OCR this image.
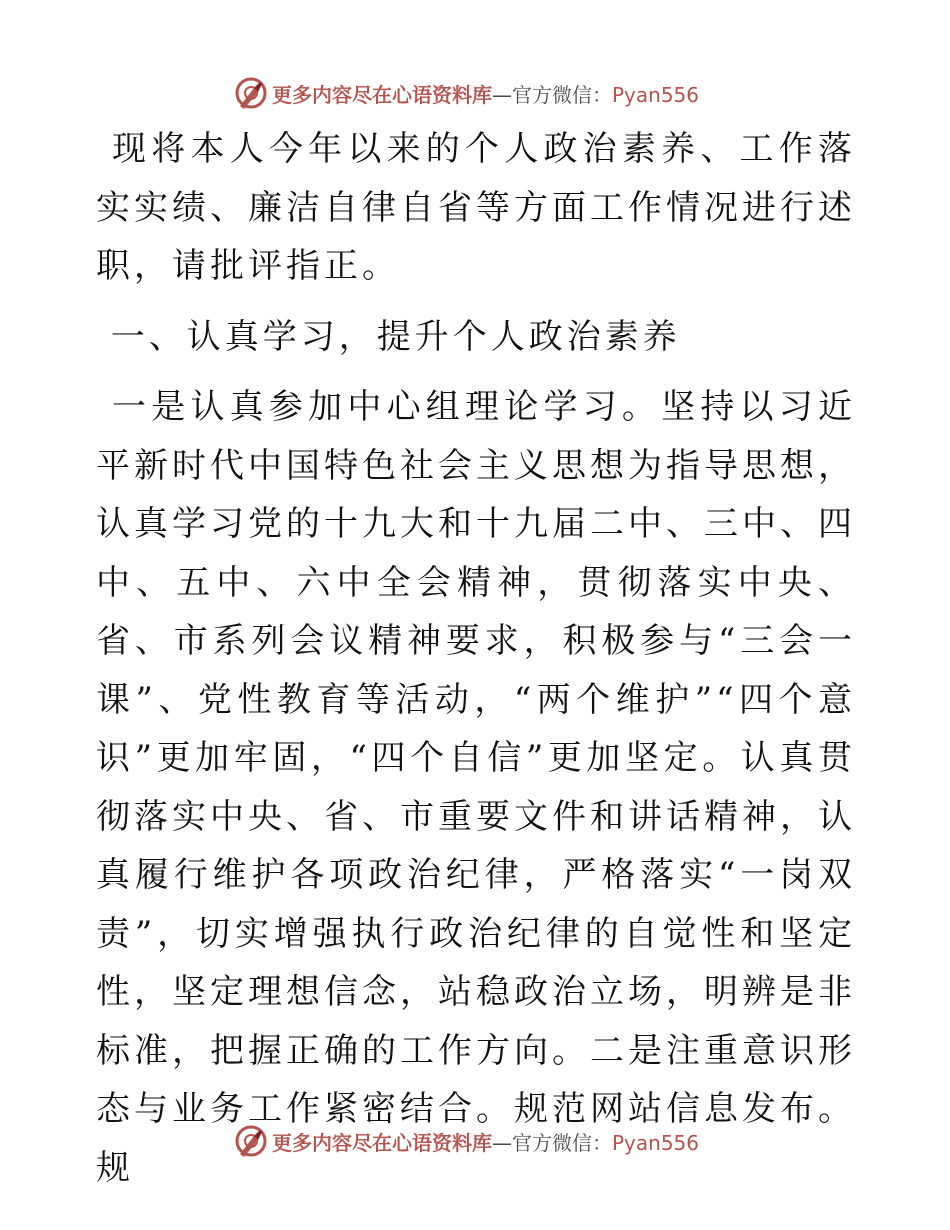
更多内容尽在心语资料库—官方微信：Pyan556

现将本人今年以来的个人政治素养、工作落实实绩、廉洁自律自省等方面工作情况进行述职，请批评指正。

一、认真学习，提升个人政治素养

一是认真参加中心组理论学习。坚持以习近平新时代中国特色社会主义思想为指导思想，认真学习党的十九大和十九届二中、三中、四中、五中、六中全会精神，贯彻落实中央、省、市系列会议精神要求，积极参与“三会一课”、党性教育等活动，“两个维护”“四个意识”更加牢固，“四个自信”更加坚定。认真贯彻落实中央、省、市重要文件和讲话精神，认真履行维护各项政治纪律，严格落实“一岗双责”，切实增强执行政治纪律的自觉性和坚定性，坚定理想信念，站稳政治立场，明辨是非标准，把握正确的工作方向。二是注重意识形态与业务工作紧密结合。规范网站信息发布。规

更多内容尽在心语资料库—官方微信：Pyan556
